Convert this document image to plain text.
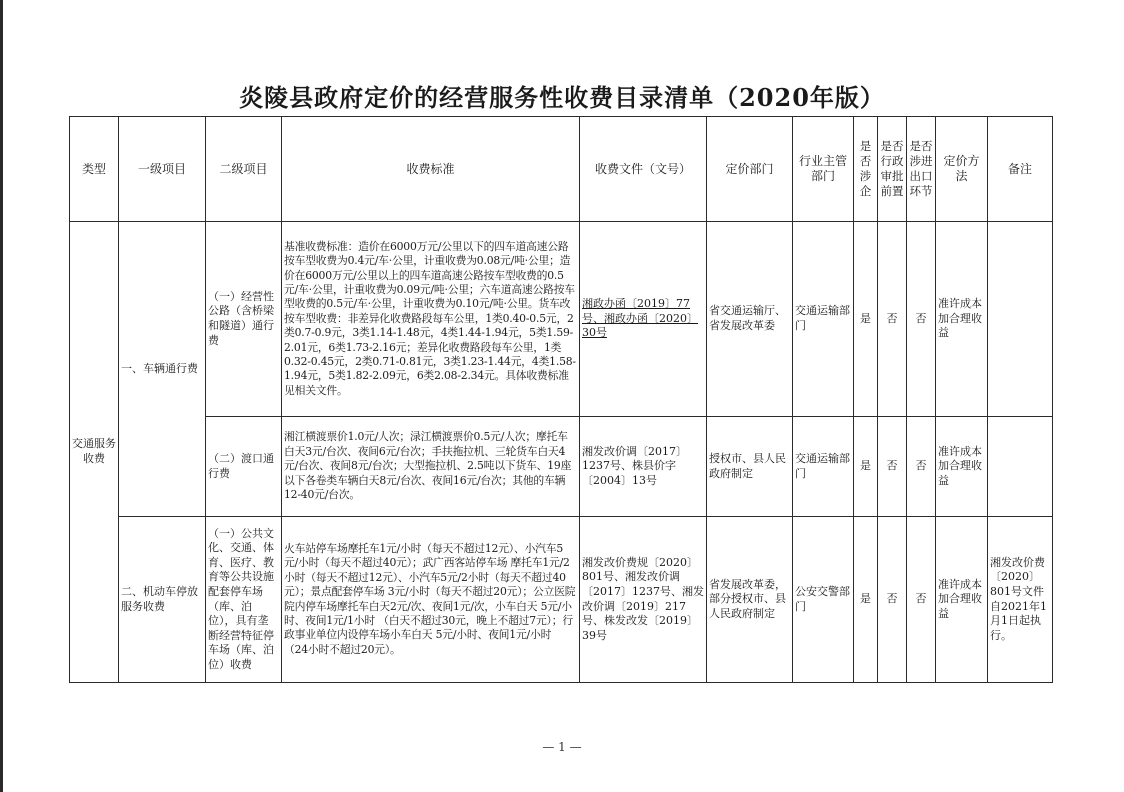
炎陵县政府定价的经营服务性收费目录清单（2020年版）
类型	一级项目	二级项目	收费标准	收费文件（文号）	定价部门	行业主管部门	是否涉企	是否行政审批前置	是否涉进出口环节	定价方法	备注
交通服务收费	一、车辆通行费	（一）经营性公路（含桥梁和隧道）通行费	基准收费标准：造价在6000万元/公里以下的四车道高速公路按车型收费为0.4元/车·公里，计重收费为0.08元/吨·公里；造价在6000万元/公里以上的四车道高速公路按车型收费的0.5元/车·公里，计重收费为0.09元/吨·公里；六车道高速公路按车型收费的0.5元/车·公里，计重收费为0.10元/吨·公里。货车改按车型收费：非差异化收费路段每车公里，1类0.40-0.5元，2类0.7-0.9元，3类1.14-1.48元，4类1.44-1.94元，5类1.59-2.01元，6类1.73-2.16元；差异化收费路段每车公里，1类0.32-0.45元，2类0.71-0.81元，3类1.23-1.44元，4类1.58-1.94元，5类1.82-2.09元，6类2.08-2.34元。具体收费标准见相关文件。	湘政办函〔2019〕77号、湘政办函〔2020〕30号	省交通运输厅、省发展改革委	交通运输部门	是	否	否	准许成本加合理收益	
		（二）渡口通行费	湘江横渡票价1.0元/人次；渌江横渡票价0.5元/人次；摩托车白天3元/台次、夜间6元/台次；手扶拖拉机、三轮货车白天4元/台次、夜间8元/台次；大型拖拉机、2.5吨以下货车、19座以下各卷类车辆白天8元/台次、夜间16元/台次；其他的车辆12-40元/台次。	湘发改价调〔2017〕1237号、株县价字〔2004〕13号	授权市、县人民政府制定	交通运输部门	是	否	否	准许成本加合理收益	
	二、机动车停放服务收费	（一）公共文化、交通、体育、医疗、教育等公共设施配套停车场（库、泊位），具有垄断经营特征停车场（库、泊位）收费	火车站停车场摩托车1元/小时（每天不超过12元）、小汽车5元/小时（每天不超过40元）；武广西客站停车场 摩托车1元/2小时（每天不超过12元）、小汽车5元/2小时（每天不超过40元）；景点配套停车场 3元/小时（每天不超过20元）；公立医院院内停车场摩托车白天2元/次、夜间1元/次，小车白天 5元/小时、夜间1元/1小时 （白天不超过30元，晚上不超过7元）；行政事业单位内设停车场小车白天 5元/小时、夜间1元/小时 （24小时不超过20元）。	湘发改价费规〔2020〕801号、湘发改价调〔2017〕1237号、湘发改价调〔2019〕217号、株发改发〔2019〕39号	省发展改革委，部分授权市、县人民政府制定	公安交警部门	是	否	否	准许成本加合理收益	湘发改价费〔2020〕801号文件自2021年1月1日起执行。
— 1 —
